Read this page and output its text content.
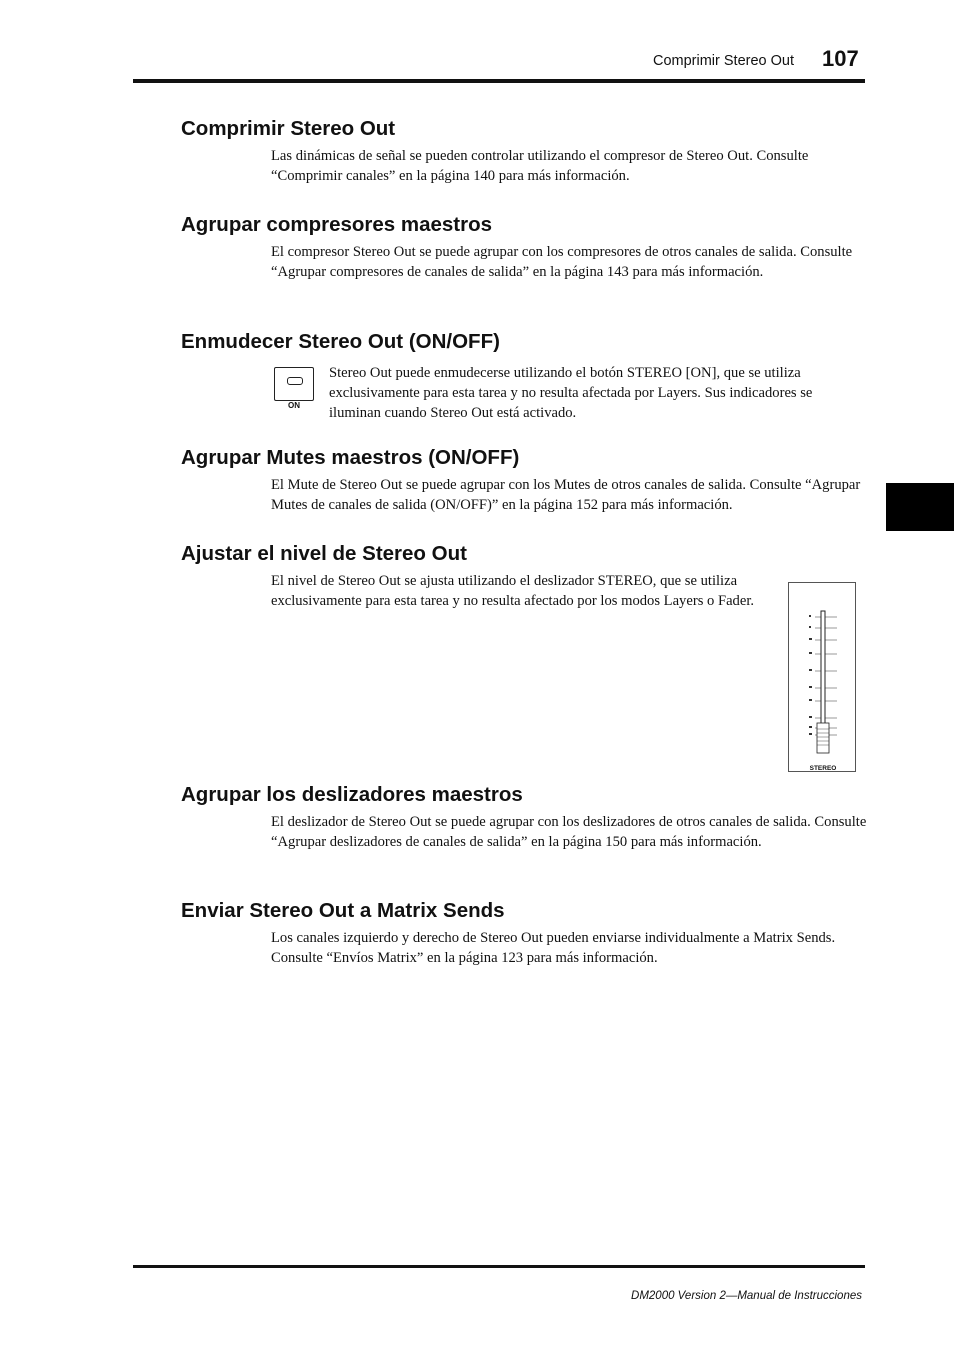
Comprimir Stereo Out 107
Comprimir Stereo Out

Las dinámicas de señal se pueden controlar utilizando el compresor de Stereo Out. Consulte “Comprimir canales” en la página 140 para más información.

Agrupar compresores maestros

El compresor Stereo Out se puede agrupar con los compresores de otros canales de salida. Consulte “Agrupar compresores de canales de salida” en la página 143 para más información.

Enmudecer Stereo Out (ON/OFF)
ON

Stereo Out puede enmudecerse utilizando el botón STEREO [ON], que se utiliza exclusivamente para esta tarea y no resulta afectada por Layers. Sus indicadores se iluminan cuando Stereo Out está activado.

Agrupar Mutes maestros (ON/OFF)

El Mute de Stereo Out se puede agrupar con los Mutes de otros canales de salida. Consulte “Agrupar Mutes de canales de salida (ON/OFF)” en la página 152 para más información.

Ajustar el nivel de Stereo Out

El nivel de Stereo Out se ajusta utilizando el deslizador STEREO, que se utiliza exclusivamente para esta tarea y no resulta afectado por los modos Layers o Fader.

STEREO
Agrupar los deslizadores maestros

El deslizador de Stereo Out se puede agrupar con los deslizadores de otros canales de salida. Consulte “Agrupar deslizadores de canales de salida” en la página 150 para más información.

Enviar Stereo Out a Matrix Sends

Los canales izquierdo y derecho de Stereo Out pueden enviarse individualmente a Matrix Sends. Consulte “Envíos Matrix” en la página 123 para más información.

DM2000 Version 2—Manual de Instrucciones
